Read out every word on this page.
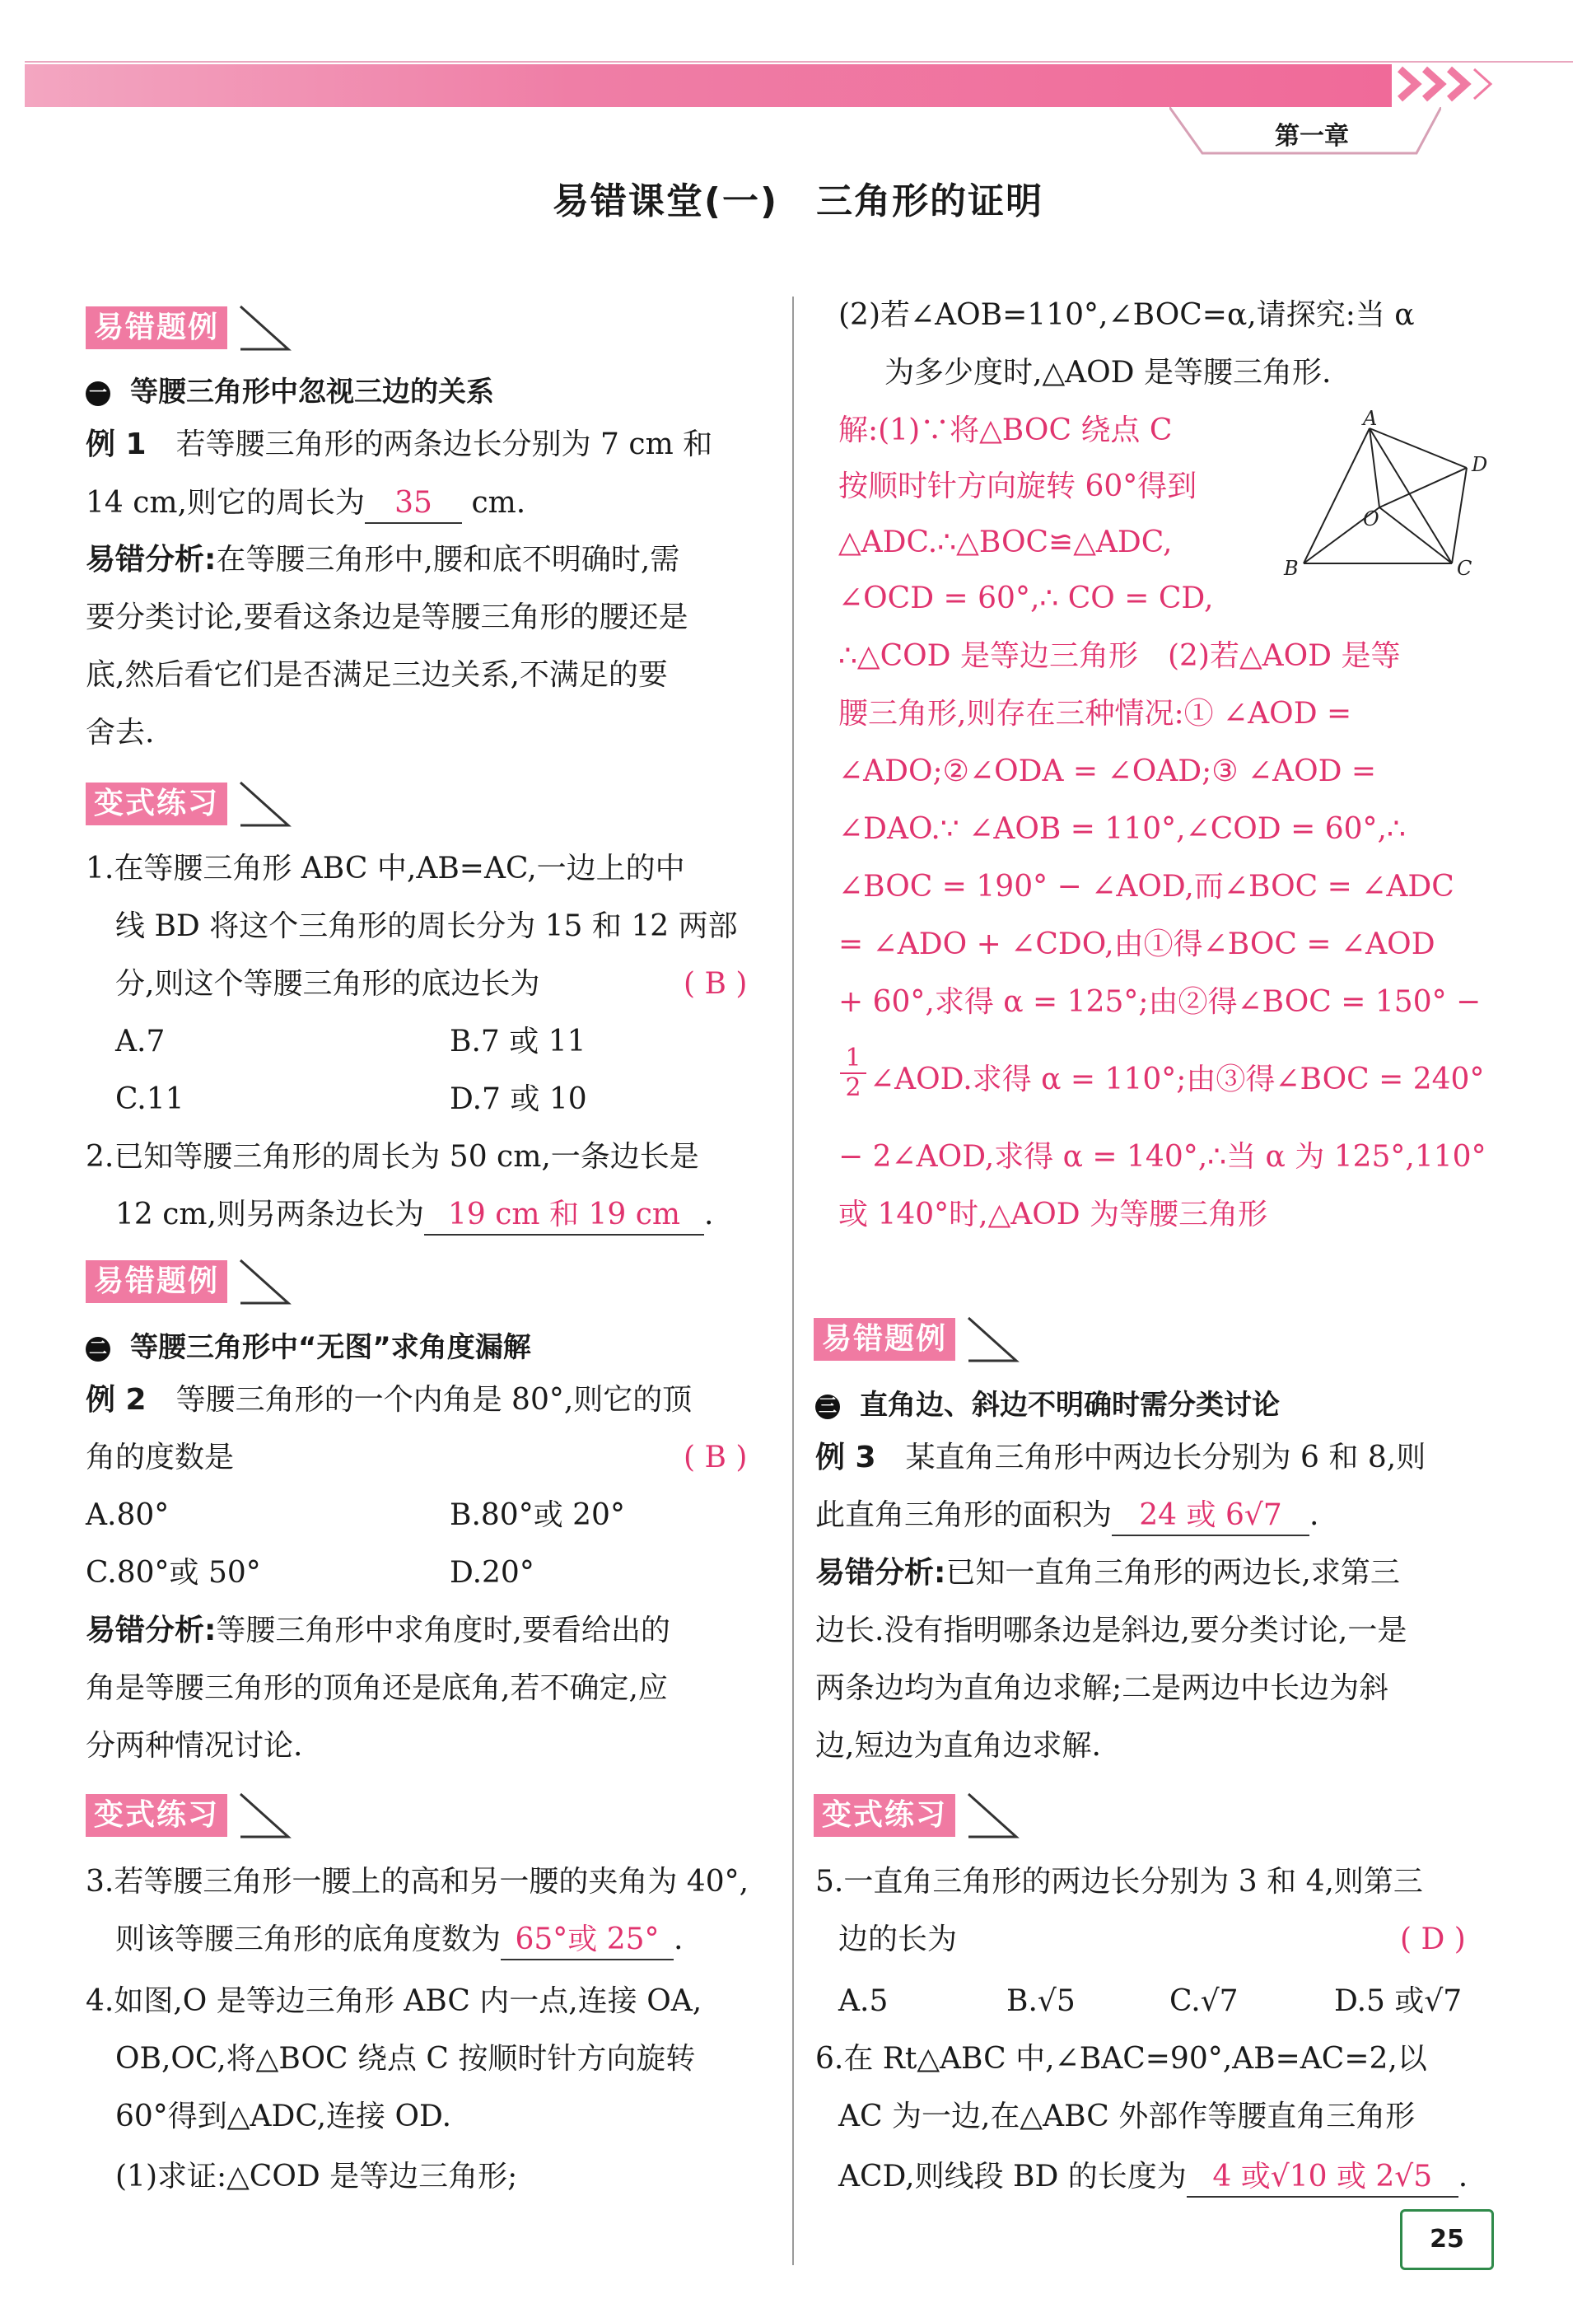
第一章
易错课堂(一)　三角形的证明
易错题例
一 等腰三角形中忽视三边的关系
例 1　 若等腰三角形的两条边长分别为 7 cm 和
14 cm,则它的周长为 35 cm.
易错分析:在等腰三角形中,腰和底不明确时,需
要分类讨论,要看这条边是等腰三角形的腰还是
底,然后看它们是否满足三边关系,不满足的要
舍去.
变式练习
1.在等腰三角形 ABC 中,AB=AC,一边上的中
线 BD 将这个三角形的周长分为 15 和 12 两部
分,则这个等腰三角形的底边长为	( B )
A.7	B.7 或 11
C.11	D.7 或 10
2.已知等腰三角形的周长为 50 cm,一条边长是
12 cm,则另两条边长为 19 cm 和 19 cm .
易错题例
二 等腰三角形中“无图”求角度漏解
例 2　 等腰三角形的一个内角是 80°,则它的顶
角的度数是	( B )
A.80°	B.80°或 20°
C.80°或 50°	D.20°
易错分析:等腰三角形中求角度时,要看给出的
角是等腰三角形的顶角还是底角,若不确定,应
分两种情况讨论.
变式练习
3.若等腰三角形一腰上的高和另一腰的夹角为 40°,
则该等腰三角形的底角度数为 65°或 25° .
4.如图,O 是等边三角形 ABC 内一点,连接 OA,
OB,OC,将△BOC 绕点 C 按顺时针方向旋转
60°得到△ADC,连接 OD.
(1)求证:△COD 是等边三角形;
(2)若∠AOB=110°,∠BOC=α,请探究:当 α
为多少度时,△AOD 是等腰三角形.
解:(1)∵将△BOC 绕点 C
按顺时针方向旋转 60°得到
△ADC.∴△BOC≌△ADC,
∠OCD = 60°,∴ CO = CD,
A
B	C
D
O
∴△COD 是等边三角形　(2)若△AOD 是等
腰三角形,则存在三种情况:① ∠AOD =
∠ADO;②∠ODA = ∠OAD;③ ∠AOD =
∠DAO.∵ ∠AOB = 110°,∠COD = 60°,∴
∠BOC = 190° − ∠AOD,而∠BOC = ∠ADC
= ∠ADO + ∠CDO,由①得∠BOC = ∠AOD
+ 60°,求得 α = 125°;由②得∠BOC = 150° −
1
2 ∠AOD.求得 α = 110°;由③得∠BOC = 240°
− 2∠AOD,求得 α = 140°,∴当 α 为 125°,110°
或 140°时,△AOD 为等腰三角形
易错题例
三 直角边、斜边不明确时需分类讨论
例 3　 某直角三角形中两边长分别为 6 和 8,则
此直角三角形的面积为 24 或 6√7 .
易错分析:已知一直角三角形的两边长,求第三
边长.没有指明哪条边是斜边,要分类讨论,一是
两条边均为直角边求解;二是两边中长边为斜
边,短边为直角边求解.
变式练习
5.一直角三角形的两边长分别为 3 和 4,则第三
边的长为	( D )
A.5	B.√5	C.√7	D.5 或√7
6.在 Rt△ABC 中,∠BAC=90°,AB=AC=2,以
AC 为一边,在△ABC 外部作等腰直角三角形
ACD,则线段 BD 的长度为 4 或√10 或 2√5 .
25
